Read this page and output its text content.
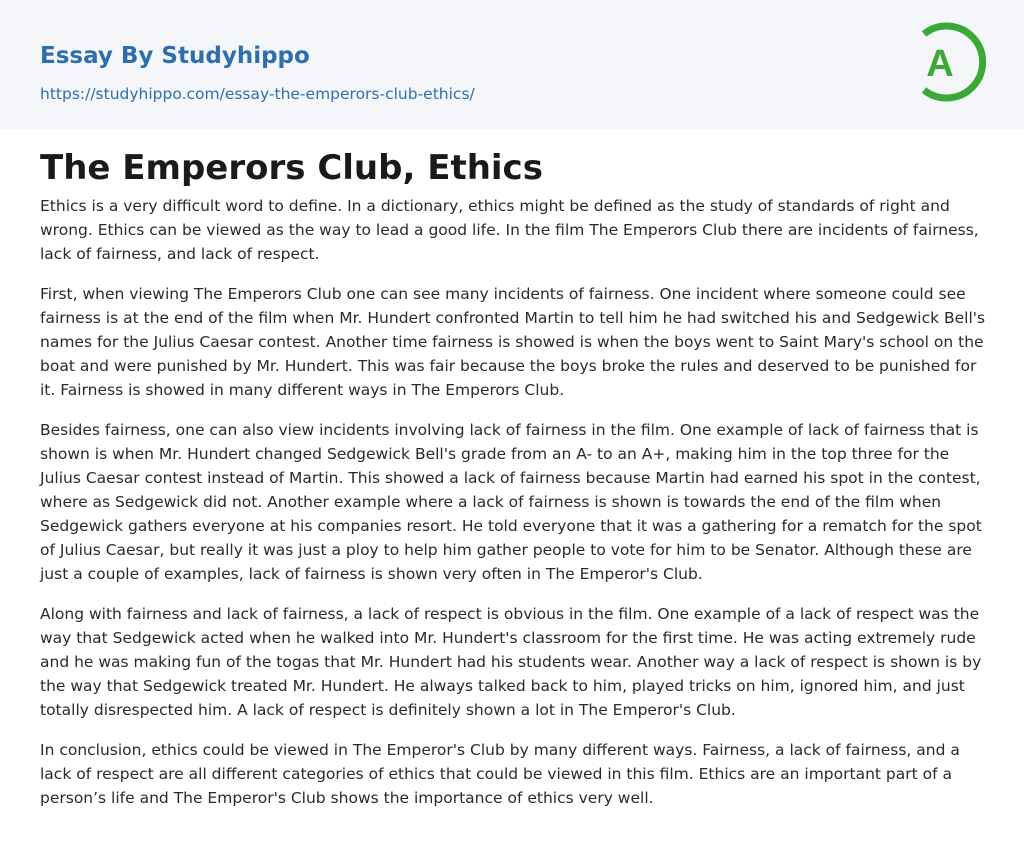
Essay By Studyhippo
https://studyhippo.com/essay-the-emperors-club-ethics/
A
The Emperors Club, Ethics

Ethics is a very difficult word to define. In a dictionary, ethics might be defined as the study of standards of right and wrong. Ethics can be viewed as the way to lead a good life. In the film The Emperors Club there are incidents of fairness, lack of fairness, and lack of respect.

First, when viewing The Emperors Club one can see many incidents of fairness. One incident where someone could see fairness is at the end of the film when Mr. Hundert confronted Martin to tell him he had switched his and Sedgewick Bell's names for the Julius Caesar contest. Another time fairness is showed is when the boys went to Saint Mary's school on the boat and were punished by Mr. Hundert. This was fair because the boys broke the rules and deserved to be punished for it. Fairness is showed in many different ways in The Emperors Club.

Besides fairness, one can also view incidents involving lack of fairness in the film. One example of lack of fairness that is shown is when Mr. Hundert changed Sedgewick Bell's grade from an A- to an A+, making him in the top three for the Julius Caesar contest instead of Martin. This showed a lack of fairness because Martin had earned his spot in the contest, where as Sedgewick did not. Another example where a lack of fairness is shown is towards the end of the film when Sedgewick gathers everyone at his companies resort. He told everyone that it was a gathering for a rematch for the spot of Julius Caesar, but really it was just a ploy to help him gather people to vote for him to be Senator. Although these are just a couple of examples, lack of fairness is shown very often in The Emperor's Club.

Along with fairness and lack of fairness, a lack of respect is obvious in the film. One example of a lack of respect was the way that Sedgewick acted when he walked into Mr. Hundert's classroom for the first time. He was acting extremely rude and he was making fun of the togas that Mr. Hundert had his students wear. Another way a lack of respect is shown is by the way that Sedgewick treated Mr. Hundert. He always talked back to him, played tricks on him, ignored him, and just totally disrespected him. A lack of respect is definitely shown a lot in The Emperor's Club.

In conclusion, ethics could be viewed in The Emperor's Club by many different ways. Fairness, a lack of fairness, and a lack of respect are all different categories of ethics that could be viewed in this film. Ethics are an important part of a person’s life and The Emperor's Club shows the importance of ethics very well.
